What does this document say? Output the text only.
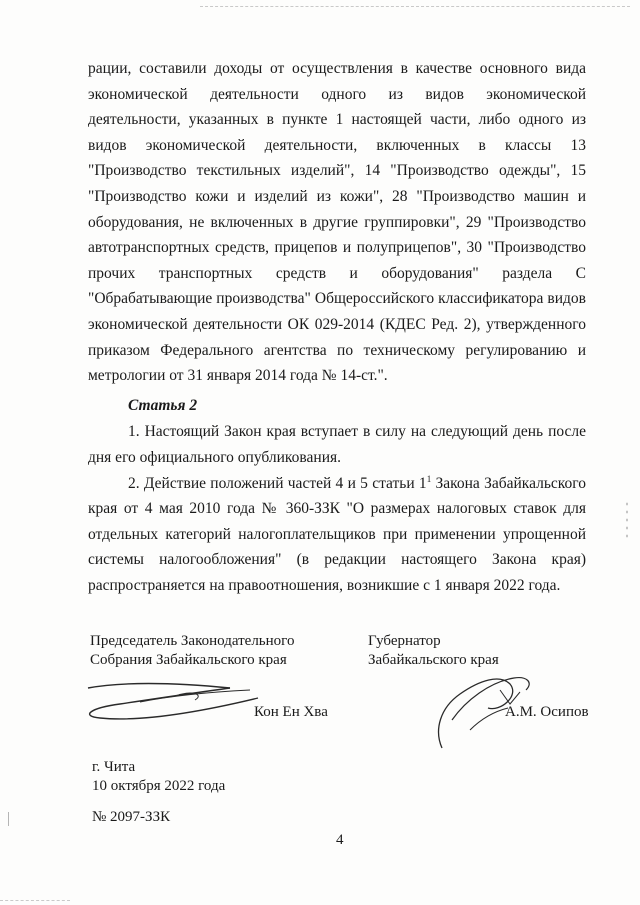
рации, составили доходы от осуществления в качестве основного вида экономической деятельности одного из видов экономической деятельности, указанных в пункте 1 настоящей части, либо одного из видов экономической деятельности, включенных в классы 13 "Производство текстильных изделий", 14 "Производство одежды", 15 "Производство кожи и изделий из кожи", 28 "Производство машин и оборудования, не включенных в другие группировки", 29 "Производство автотранспортных средств, прицепов и полуприцепов", 30 "Производство прочих транспортных средств и оборудования" раздела С "Обрабатывающие производства" Общероссийского классификатора видов экономической деятельности ОК 029-2014 (КДЕС Ред. 2), утвержденного приказом Федерального агентства по техническому регулированию и метрологии от 31 января 2014 года № 14-ст.".

Статья 2

1. Настоящий Закон края вступает в силу на следующий день после дня его официального опубликования.

2. Действие положений частей 4 и 5 статьи $1^1$ Закона Забайкальского края от 4 мая 2010 года № 360-ЗЗК "О размерах налоговых ставок для отдельных категорий налогоплательщиков при применении упрощенной системы налогообложения" (в редакции настоящего Закона края) распространяется на правоотношения, возникшие с 1 января 2022 года.

Председатель Законодательного
Собрания Забайкальского края
Губернатор
Забайкальского края
Кон Ен Хва	А.М. Осипов
г. Чита
10 октября 2022 года
№ 2097-ЗЗК
4
